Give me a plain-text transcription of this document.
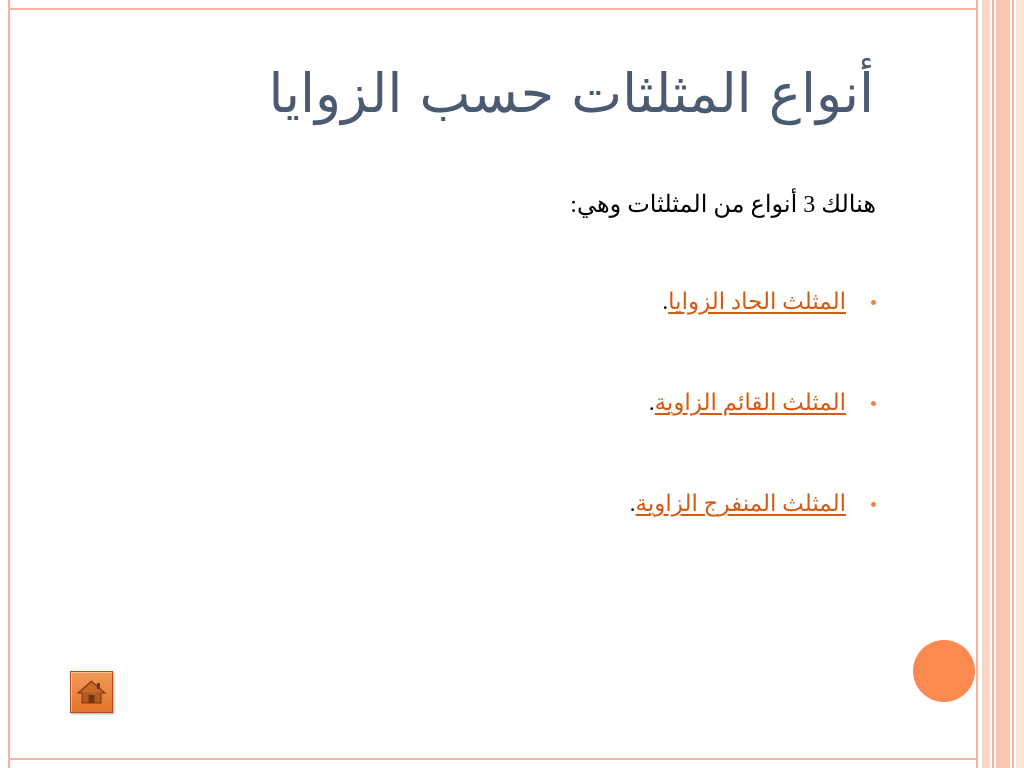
أنواع المثلثات حسب الزوايا
هنالك 3 أنواع من المثلثات وهي:
المثلث الحاد الزوايا.
المثلث القائم الزاوية.
المثلث المنفرج الزاوية.
